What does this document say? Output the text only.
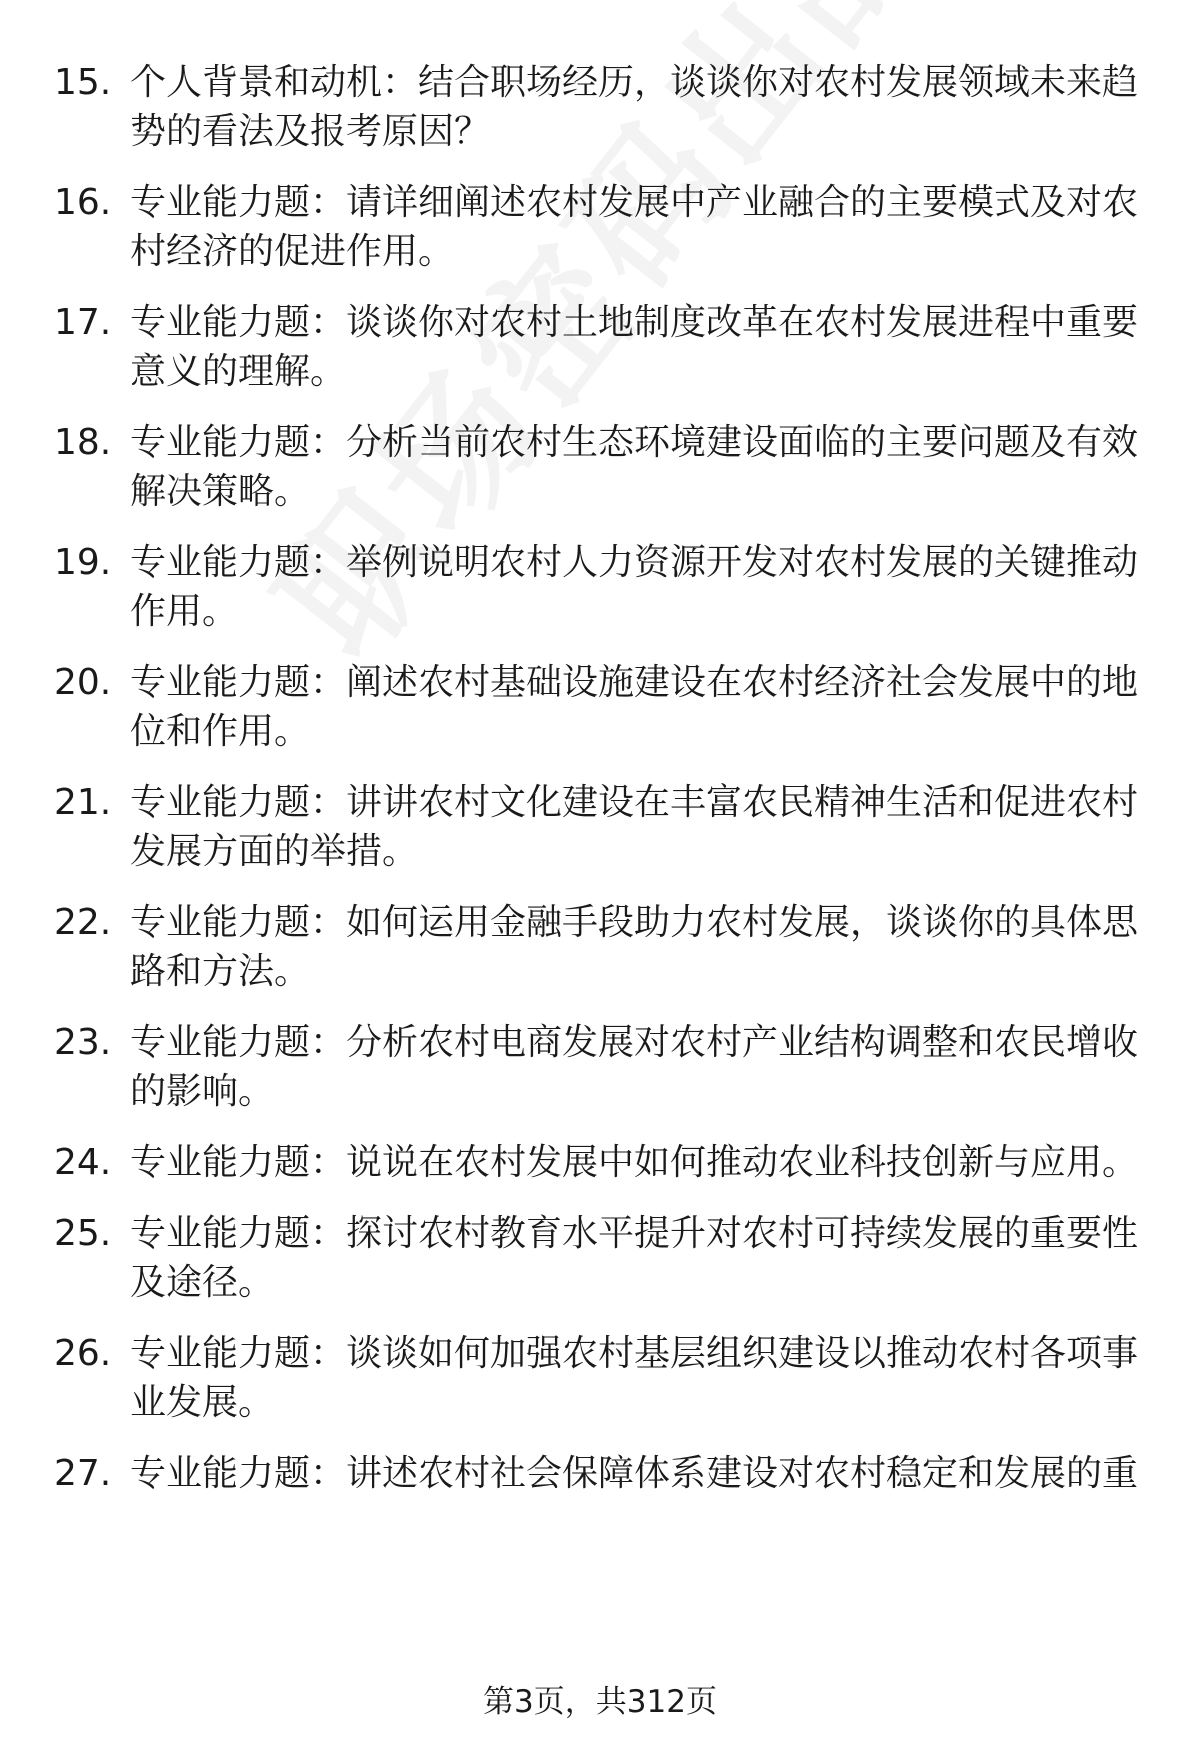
15. 个人背景和动机：结合职场经历，谈谈你对农村发展领域未来趋势的看法及报考原因？
16. 专业能力题：请详细阐述农村发展中产业融合的主要模式及对农村经济的促进作用。
17. 专业能力题：谈谈你对农村土地制度改革在农村发展进程中重要意义的理解。
18. 专业能力题：分析当前农村生态环境建设面临的主要问题及有效解决策略。
19. 专业能力题：举例说明农村人力资源开发对农村发展的关键推动作用。
20. 专业能力题：阐述农村基础设施建设在农村经济社会发展中的地位和作用。
21. 专业能力题：讲讲农村文化建设在丰富农民精神生活和促进农村发展方面的举措。
22. 专业能力题：如何运用金融手段助力农村发展，谈谈你的具体思路和方法。
23. 专业能力题：分析农村电商发展对农村产业结构调整和农民增收的影响。
24. 专业能力题：说说在农村发展中如何推动农业科技创新与应用。
25. 专业能力题：探讨农村教育水平提升对农村可持续发展的重要性及途径。
26. 专业能力题：谈谈如何加强农村基层组织建设以推动农村各项事业发展。
27. 专业能力题：讲述农村社会保障体系建设对农村稳定和发展的重
第3页，共312页
